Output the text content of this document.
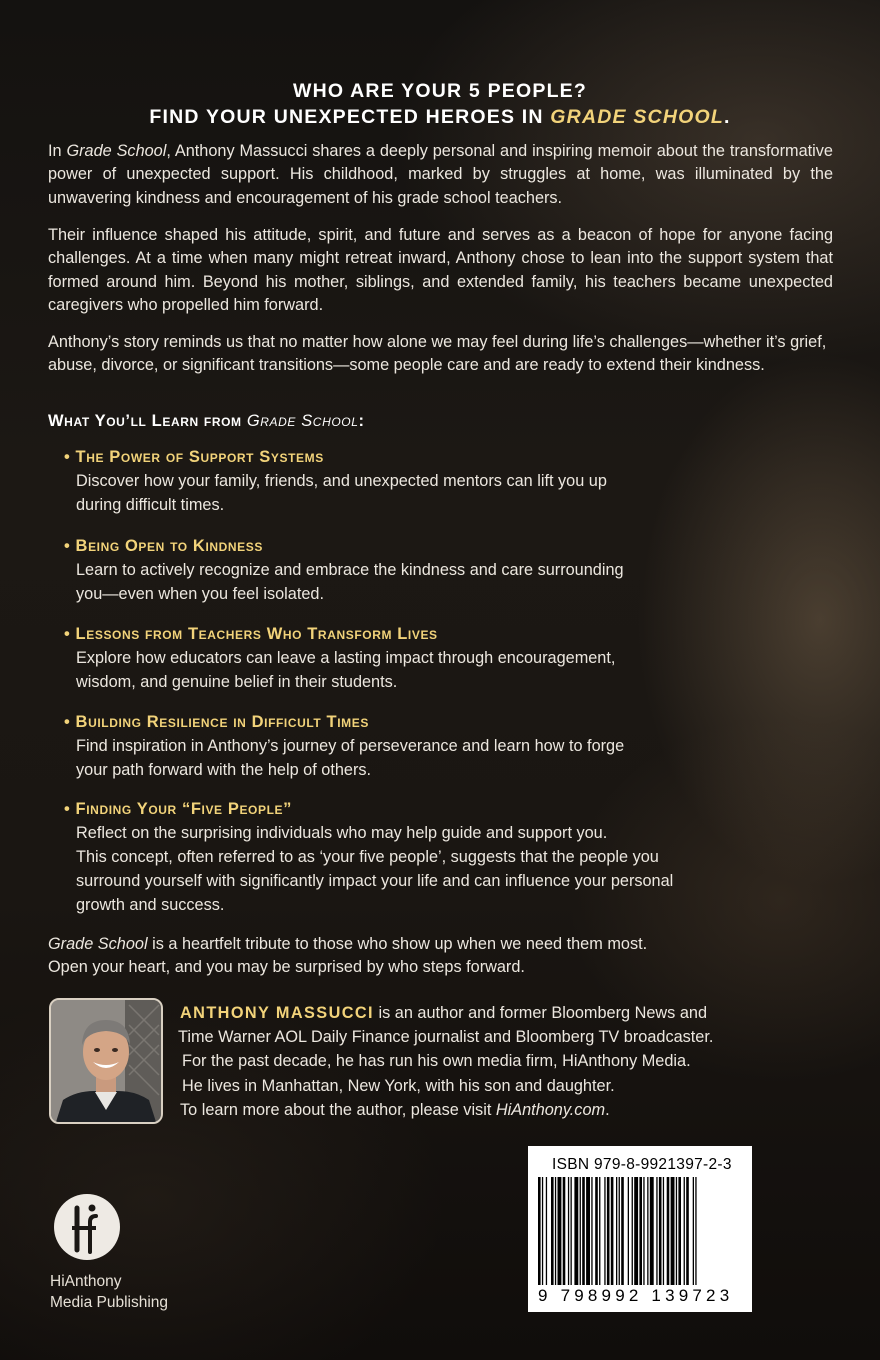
WHO ARE YOUR 5 PEOPLE?
FIND YOUR UNEXPECTED HEROES IN GRADE SCHOOL.

In Grade School, Anthony Massucci shares a deeply personal and inspiring memoir about the transformative power of unexpected support. His childhood, marked by struggles at home, was illuminated by the unwavering kindness and encouragement of his grade school teachers.

Their influence shaped his attitude, spirit, and future and serves as a beacon of hope for anyone facing challenges. At a time when many might retreat inward, Anthony chose to lean into the support system that formed around him. Beyond his mother, siblings, and extended family, his teachers became unexpected caregivers who propelled him forward.

Anthony’s story reminds us that no matter how alone we may feel during life’s challenges—whether it’s grief, abuse, divorce, or significant transitions—some people care and are ready to extend their kindness.

What You’ll Learn from Grade School:
• The Power of Support Systems

Discover how your family, friends, and unexpected mentors can lift you up

during difficult times.

• Being Open to Kindness

Learn to actively recognize and embrace the kindness and care surrounding

you—even when you feel isolated.

• Lessons from Teachers Who Transform Lives

Explore how educators can leave a lasting impact through encouragement,

wisdom, and genuine belief in their students.

• Building Resilience in Difficult Times

Find inspiration in Anthony’s journey of perseverance and learn how to forge

your path forward with the help of others.

• Finding Your “Five People”

Reflect on the surprising individuals who may help guide and support you.

This concept, often referred to as ‘your five people’, suggests that the people you

surround yourself with significantly impact your life and can influence your personal

growth and success.

Grade School is a heartfelt tribute to those who show up when we need them most.

Open your heart, and you may be surprised by who steps forward.

ANTHONY MASSUCCI is an author and former Bloomberg News and

Time Warner AOL Daily Finance journalist and Bloomberg TV broadcaster.

For the past decade, he has run his own media firm, HiAnthony Media.

He lives in Manhattan, New York, with his son and daughter.

To learn more about the author, please visit HiAnthony.com.

HiAnthony

Media Publishing

ISBN 979-8-9921397-2-3
9 798992 139723
